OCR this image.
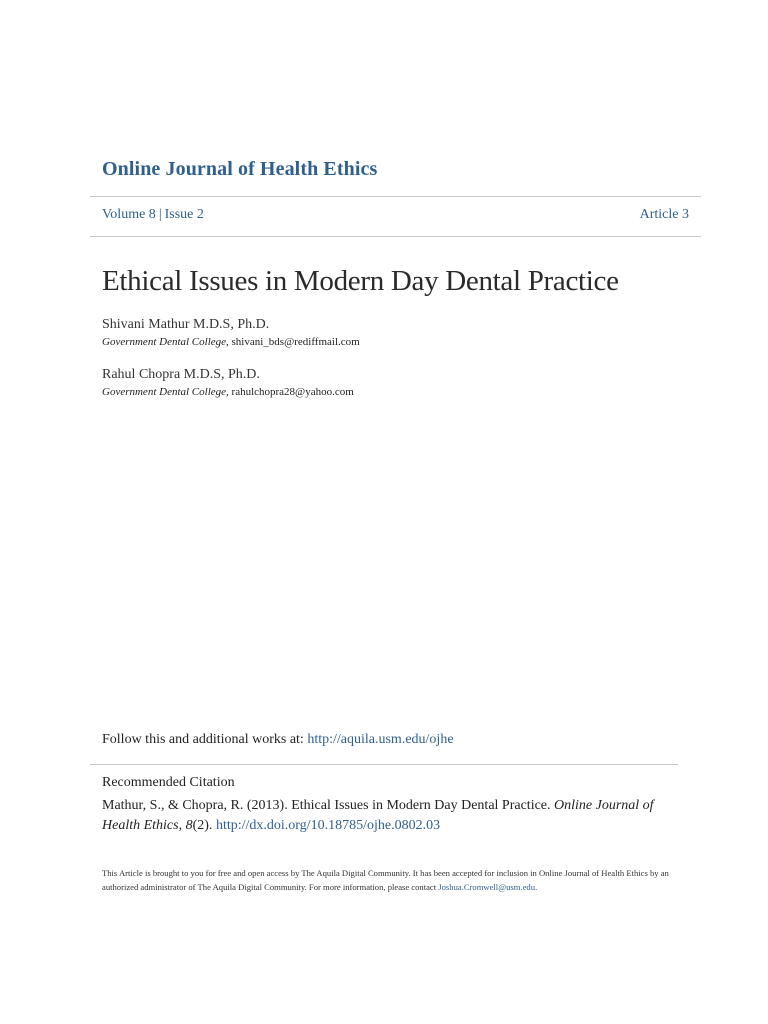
Online Journal of Health Ethics
Volume 8 | Issue 2	Article 3
Ethical Issues in Modern Day Dental Practice
Shivani Mathur M.D.S, Ph.D.
Government Dental College, shivani_bds@rediffmail.com
Rahul Chopra M.D.S, Ph.D.
Government Dental College, rahulchopra28@yahoo.com
Follow this and additional works at: http://aquila.usm.edu/ojhe
Recommended Citation
Mathur, S., & Chopra, R. (2013). Ethical Issues in Modern Day Dental Practice. Online Journal of Health Ethics, 8(2). http://dx.doi.org/10.18785/ojhe.0802.03
This Article is brought to you for free and open access by The Aquila Digital Community. It has been accepted for inclusion in Online Journal of Health Ethics by an authorized administrator of The Aquila Digital Community. For more information, please contact Joshua.Cromwell@usm.edu.
